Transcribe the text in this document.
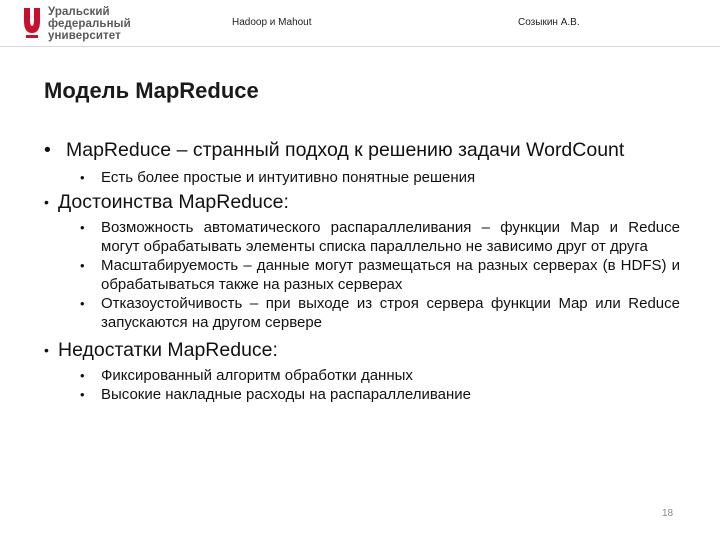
Уральский
федеральный
университет
Hadoop и Mahout	Созыкин А.В.
Модель MapReduce
• MapReduce – странный подход к решению задачи WordCount
• Есть более простые и интуитивно понятные решения
• Достоинства MapReduce:
• Возможность автоматического распараллеливания – функции Map и Reduce могут обрабатывать элементы списка параллельно не зависимо друг от друга
• Масштабируемость – данные могут размещаться на разных серверах (в HDFS) и обрабатываться также на разных серверах
• Отказоустойчивость – при выходе из строя сервера функции Map или Reduce запускаются на другом сервере
• Недостатки MapReduce:
• Фиксированный алгоритм обработки данных
• Высокие накладные расходы на распараллеливание
18
